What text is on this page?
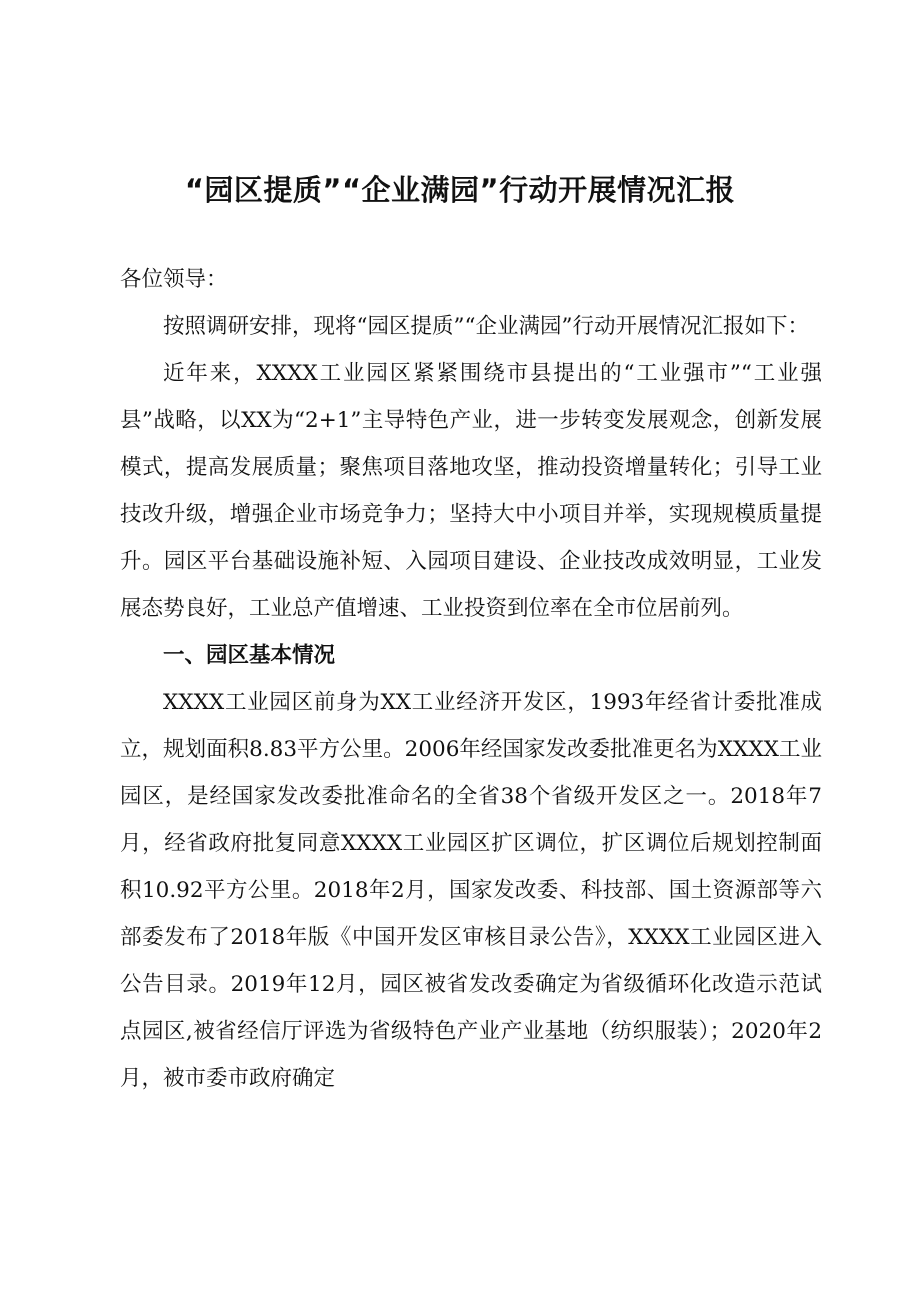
“园区提质”“企业满园”行动开展情况汇报

各位领导：

按照调研安排，现将“园区提质”“企业满园”行动开展情况汇报如下：

近年来，XXXX工业园区紧紧围绕市县提出的“工业强市”“工业强县”战略，以XX为“2+1”主导特色产业，进一步转变发展观念，创新发展模式，提高发展质量；聚焦项目落地攻坚，推动投资增量转化；引导工业技改升级，增强企业市场竞争力；坚持大中小项目并举，实现规模质量提升。园区平台基础设施补短、入园项目建设、企业技改成效明显，工业发展态势良好，工业总产值增速、工业投资到位率在全市位居前列。

一、园区基本情况

XXXX工业园区前身为XX工业经济开发区，1993年经省计委批准成立，规划面积8.83平方公里。2006年经国家发改委批准更名为XXXX工业园区，是经国家发改委批准命名的全省38个省级开发区之一。2018年7月，经省政府批复同意XXXX工业园区扩区调位，扩区调位后规划控制面积10.92平方公里。2018年2月，国家发改委、科技部、国土资源部等六部委发布了2018年版《中国开发区审核目录公告》，XXXX工业园区进入公告目录。2019年12月，园区被省发改委确定为省级循环化改造示范试点园区,被省经信厅评选为省级特色产业产业基地（纺织服装）；2020年2月，被市委市政府确定
